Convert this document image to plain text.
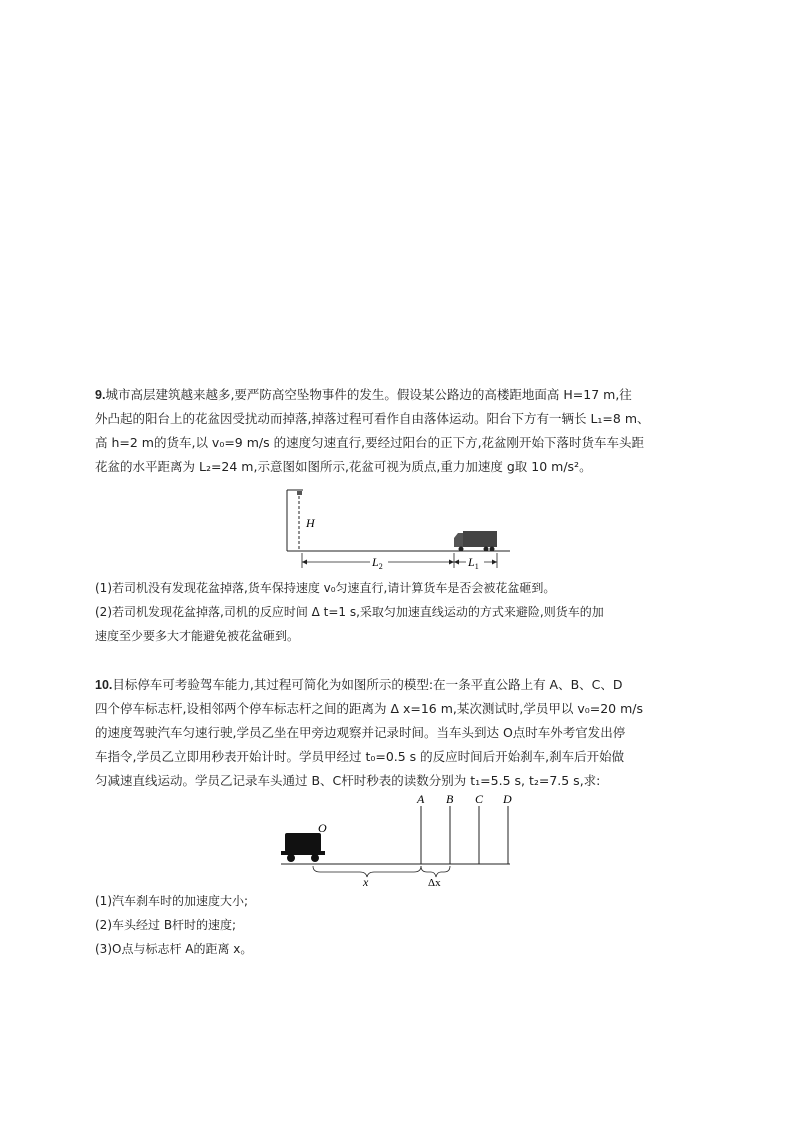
9.城市高层建筑越来越多,要严防高空坠物事件的发生。假设某公路边的高楼距地面高 H=17 m,往
外凸起的阳台上的花盆因受扰动而掉落,掉落过程可看作自由落体运动。阳台下方有一辆长 L₁=8 m、
高 h=2 m的货车,以 v₀=9 m/s 的速度匀速直行,要经过阳台的正下方,花盆刚开始下落时货车车头距
花盆的水平距离为 L₂=24 m,示意图如图所示,花盆可视为质点,重力加速度 g取 10 m/s²。
H
$L_2$	$L_1$
(1)若司机没有发现花盆掉落,货车保持速度 v₀匀速直行,请计算货车是否会被花盆砸到。
(2)若司机发现花盆掉落,司机的反应时间 Δ t=1 s,采取匀加速直线运动的方式来避险,则货车的加
速度至少要多大才能避免被花盆砸到。
10.目标停车可考验驾车能力,其过程可简化为如图所示的模型:在一条平直公路上有 A、B、C、D
四个停车标志杆,设相邻两个停车标志杆之间的距离为 Δ x=16 m,某次测试时,学员甲以 v₀=20 m/s
的速度驾驶汽车匀速行驶,学员乙坐在甲旁边观察并记录时间。当车头到达 O点时车外考官发出停
车指令,学员乙立即用秒表开始计时。学员甲经过 t₀=0.5 s 的反应时间后开始刹车,刹车后开始做
匀减速直线运动。学员乙记录车头通过 B、C杆时秒表的读数分别为 t₁=5.5 s, t₂=7.5 s,求:
O
A B C D
x	Δx
(1)汽车刹车时的加速度大小;
(2)车头经过 B杆时的速度;
(3)O点与标志杆 A的距离 x。
